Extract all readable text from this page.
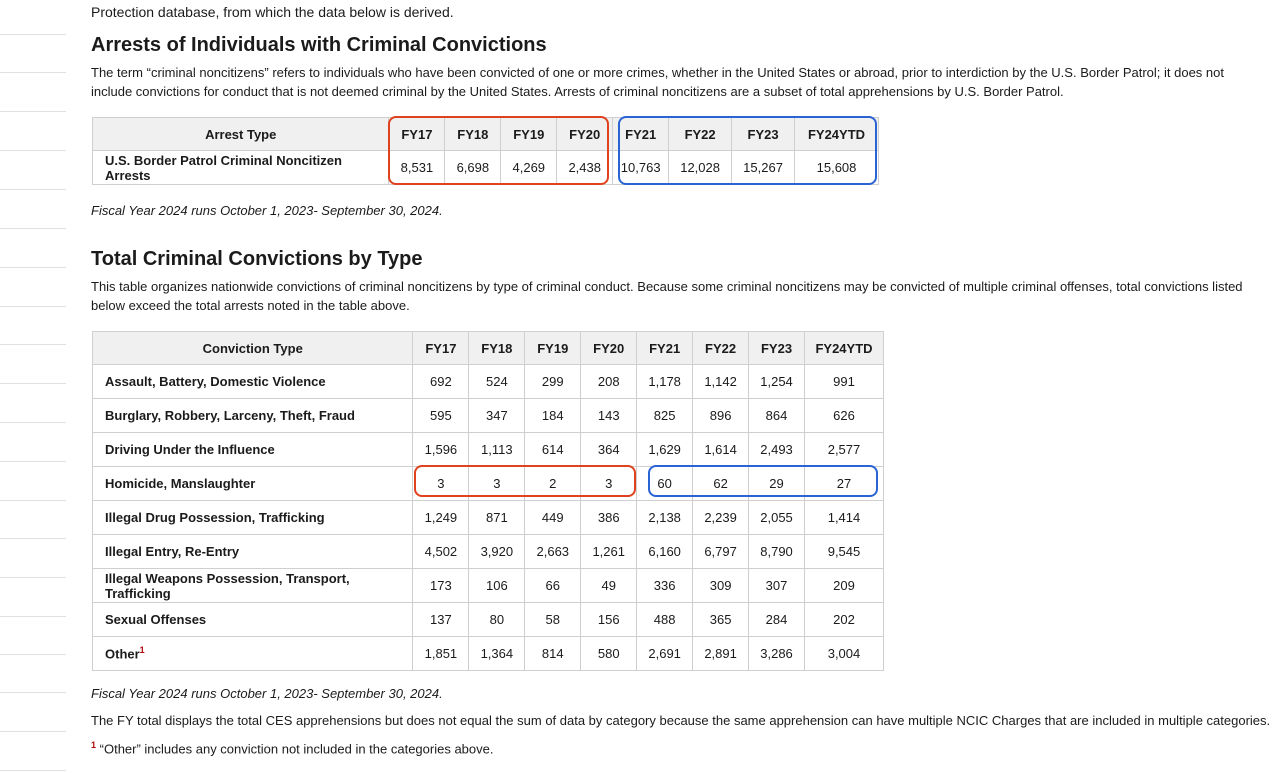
Protection database, from which the data below is derived.

Arrests of Individuals with Criminal Convictions

The term “criminal noncitizens” refers to individuals who have been convicted of one or more crimes, whether in the United States or abroad, prior to interdiction by the U.S. Border Patrol; it does not include convictions for conduct that is not deemed criminal by the United States. Arrests of criminal noncitizens are a subset of total apprehensions by U.S. Border Patrol.

Arrest Type	FY17	FY18	FY19	FY20	FY21	FY22	FY23	FY24YTD
U.S. Border Patrol Criminal Noncitizen Arrests	8,531	6,698	4,269	2,438	10,763	12,028	15,267	15,608

Fiscal Year 2024 runs October 1, 2023- September 30, 2024.

Total Criminal Convictions by Type

This table organizes nationwide convictions of criminal noncitizens by type of criminal conduct. Because some criminal noncitizens may be convicted of multiple criminal offenses, total convictions listed below exceed the total arrests noted in the table above.

Conviction Type	FY17	FY18	FY19	FY20	FY21	FY22	FY23	FY24YTD
Assault, Battery, Domestic Violence	692	524	299	208	1,178	1,142	1,254	991
Burglary, Robbery, Larceny, Theft, Fraud	595	347	184	143	825	896	864	626
Driving Under the Influence	1,596	1,113	614	364	1,629	1,614	2,493	2,577
Homicide, Manslaughter	3	3	2	3	60	62	29	27
Illegal Drug Possession, Trafficking	1,249	871	449	386	2,138	2,239	2,055	1,414
Illegal Entry, Re-Entry	4,502	3,920	2,663	1,261	6,160	6,797	8,790	9,545
Illegal Weapons Possession, Transport, Trafficking	173	106	66	49	336	309	307	209
Sexual Offenses	137	80	58	156	488	365	284	202
Other$^1$	1,851	1,364	814	580	2,691	2,891	3,286	3,004

Fiscal Year 2024 runs October 1, 2023- September 30, 2024.

The FY total displays the total CES apprehensions but does not equal the sum of data by category because the same apprehension can have multiple NCIC Charges that are included in multiple categories.

$^1$ “Other” includes any conviction not included in the categories above.
